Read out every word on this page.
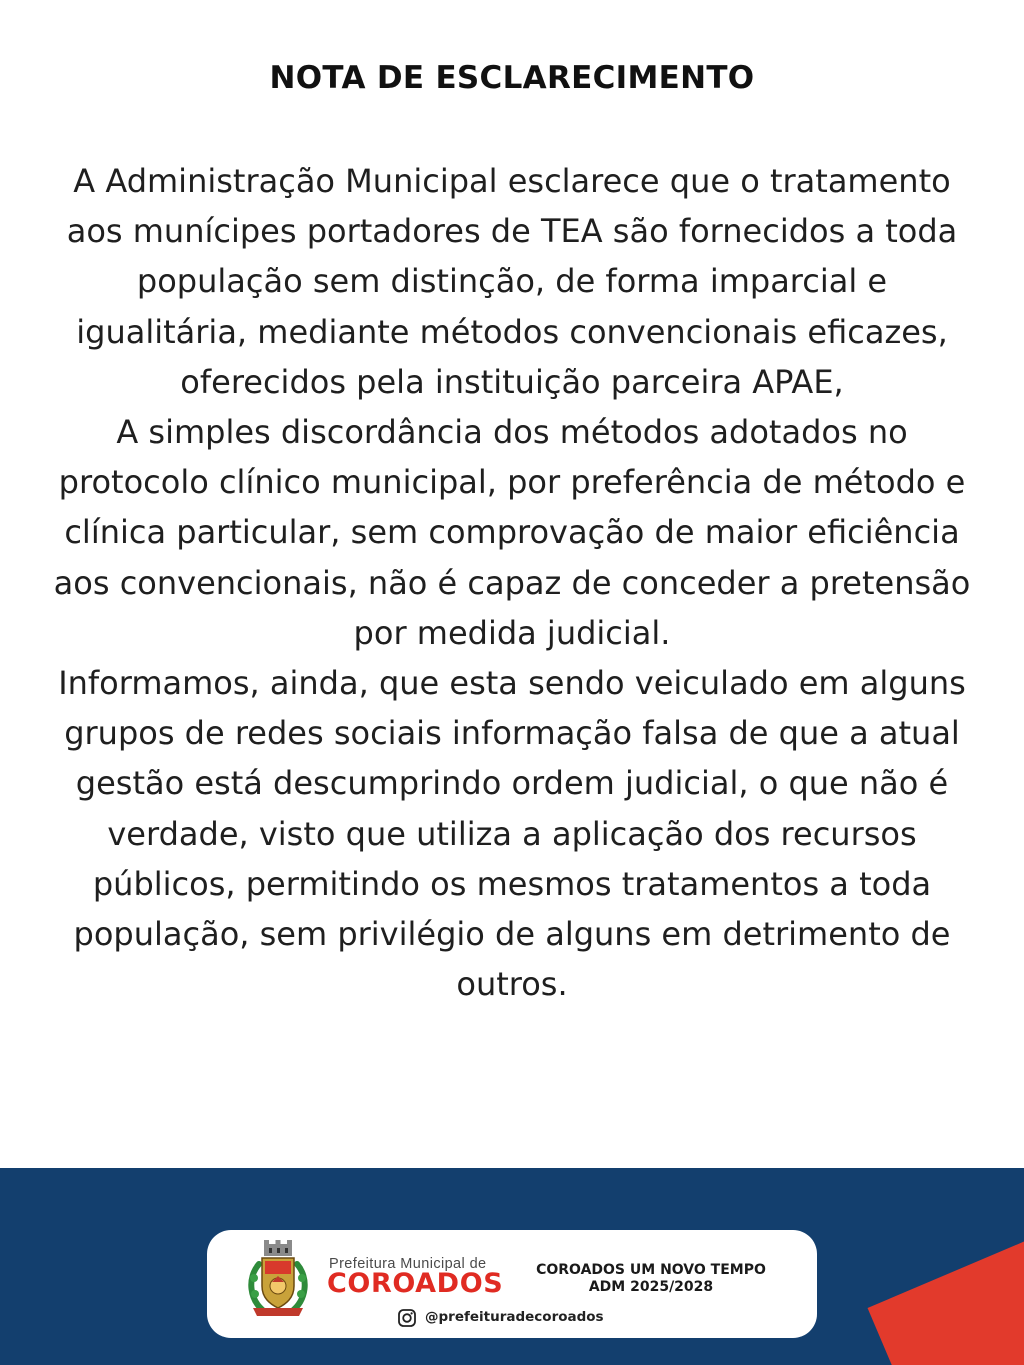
NOTA DE ESCLARECIMENTO
A Administração Municipal esclarece que o tratamento
aos munícipes portadores de TEA são fornecidos a toda
população sem distinção, de forma imparcial e
igualitária, mediante métodos convencionais eficazes,
oferecidos pela instituição parceira APAE,
A simples discordância dos métodos adotados no
protocolo clínico municipal, por preferência de método e
clínica particular, sem comprovação de maior eficiência
aos convencionais, não é capaz de conceder a pretensão
por medida judicial.
Informamos, ainda, que esta sendo veiculado em alguns
grupos de redes sociais informação falsa de que a atual
gestão está descumprindo ordem judicial, o que não é
verdade, visto que utiliza a aplicação dos recursos
públicos, permitindo os mesmos tratamentos a toda
população, sem privilégio de alguns em detrimento de
outros.
Prefeitura Municipal de
COROADOS	COROADOS UM NOVO TEMPO
ADM 2025/2028
@prefeituradecoroados
